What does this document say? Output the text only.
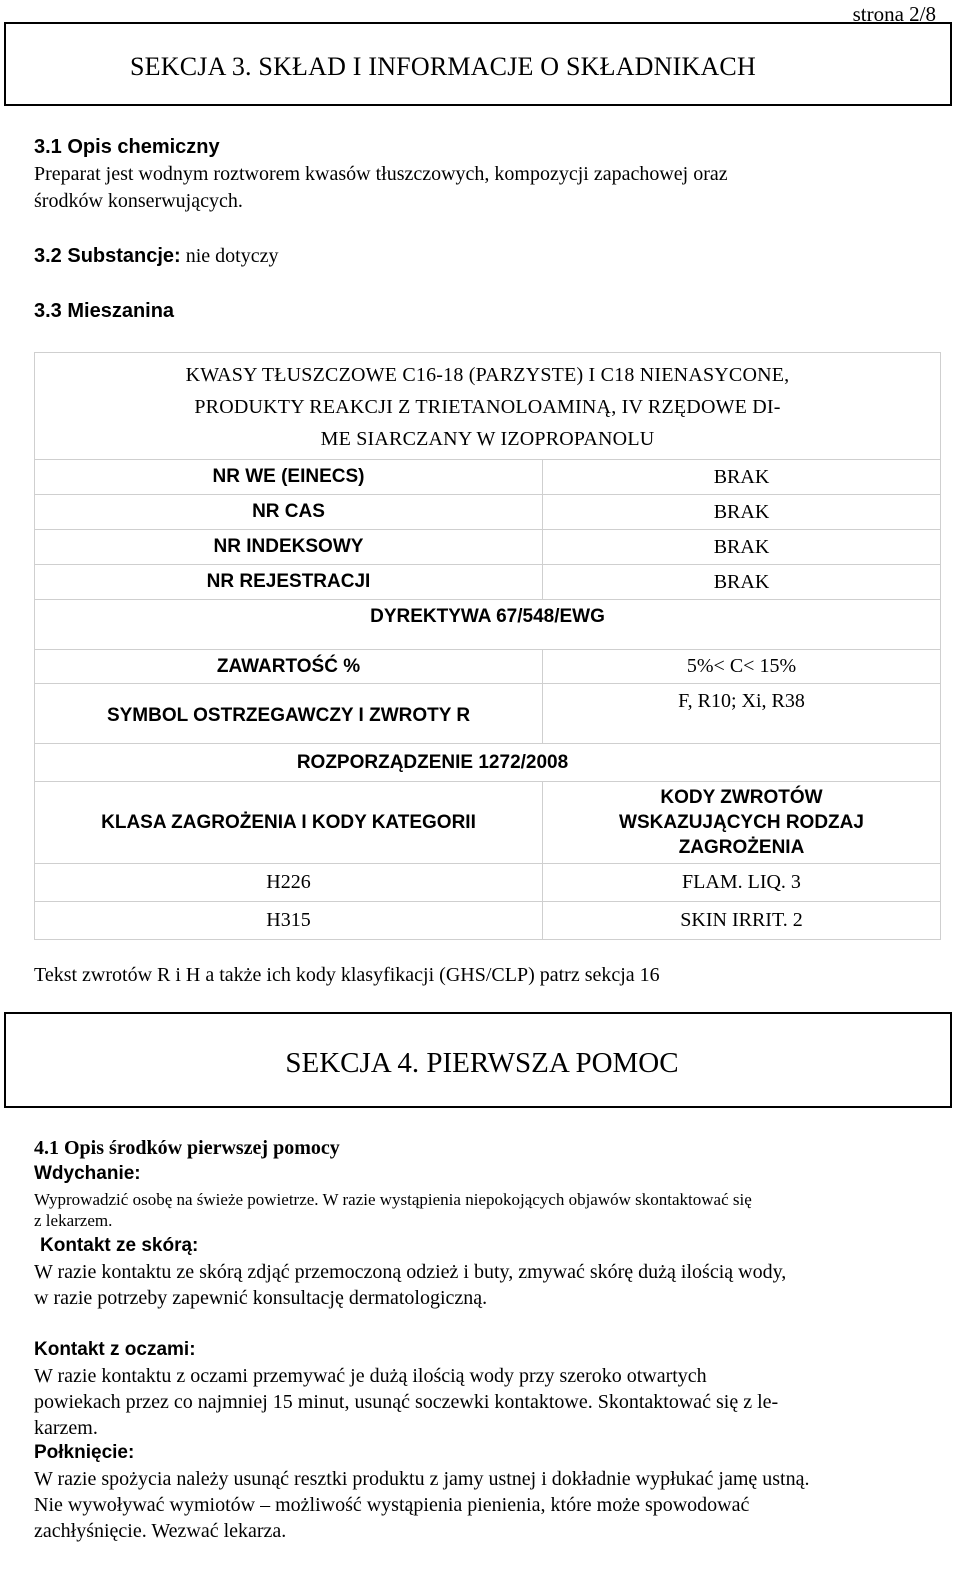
strona 2/8
SEKCJA 3. SKŁAD I INFORMACJE O SKŁADNIKACH
3.1 Opis chemiczny
Preparat jest wodnym roztworem kwasów tłuszczowych, kompozycji zapachowej oraz
środków konserwujących.
3.2 Substancje: nie dotyczy
3.3 Mieszanina
KWASY TŁUSZCZOWE C16-18 (PARZYSTE) I C18 NIENASYCONE,
PRODUKTY REAKCJI Z TRIETANOLOAMINĄ, IV RZĘDOWE DI-
ME SIARCZANY W IZOPROPANOLU	

NR WE (EINECS)	BRAK
NR CAS	BRAK
NR INDEKSOWY	BRAK
NR REJESTRACJI	BRAK
DYREKTYWA 67/548/EWG	
ZAWARTOŚĆ %	5%< C< 15%
SYMBOL OSTRZEGAWCZY I ZWROTY R	F, R10; Xi, R38
ROZPORZĄDZENIE 1272/2008	
KLASA ZAGROŻENIA I KODY KATEGORII	KODY ZWROTÓW
WSKAZUJĄCYCH RODZAJ
ZAGROŻENIA

H226	FLAM. LIQ. 3
H315	SKIN IRRIT. 2
Tekst zwrotów R i H a także ich kody klasyfikacji (GHS/CLP) patrz sekcja 16
SEKCJA 4. PIERWSZA POMOC
4.1 Opis środków pierwszej pomocy
Wdychanie:

Wyprowadzić osobę na świeże powietrze. W razie wystąpienia niepokojących objawów skontaktować się

z lekarzem.

Kontakt ze skórą:

W razie kontaktu ze skórą zdjąć przemoczoną odzież i buty, zmywać skórę dużą ilością wody,

w razie potrzeby zapewnić konsultację dermatologiczną.

Kontakt z oczami:

W razie kontaktu z oczami przemywać je dużą ilością wody przy szeroko otwartych

powiekach przez co najmniej 15 minut, usunąć soczewki kontaktowe. Skontaktować się z le-

karzem.

Połknięcie:

W razie spożycia należy usunąć resztki produktu z jamy ustnej i dokładnie wypłukać jamę ustną.

Nie wywoływać wymiotów – możliwość wystąpienia pienienia, które może spowodować

zachłyśnięcie. Wezwać lekarza.
